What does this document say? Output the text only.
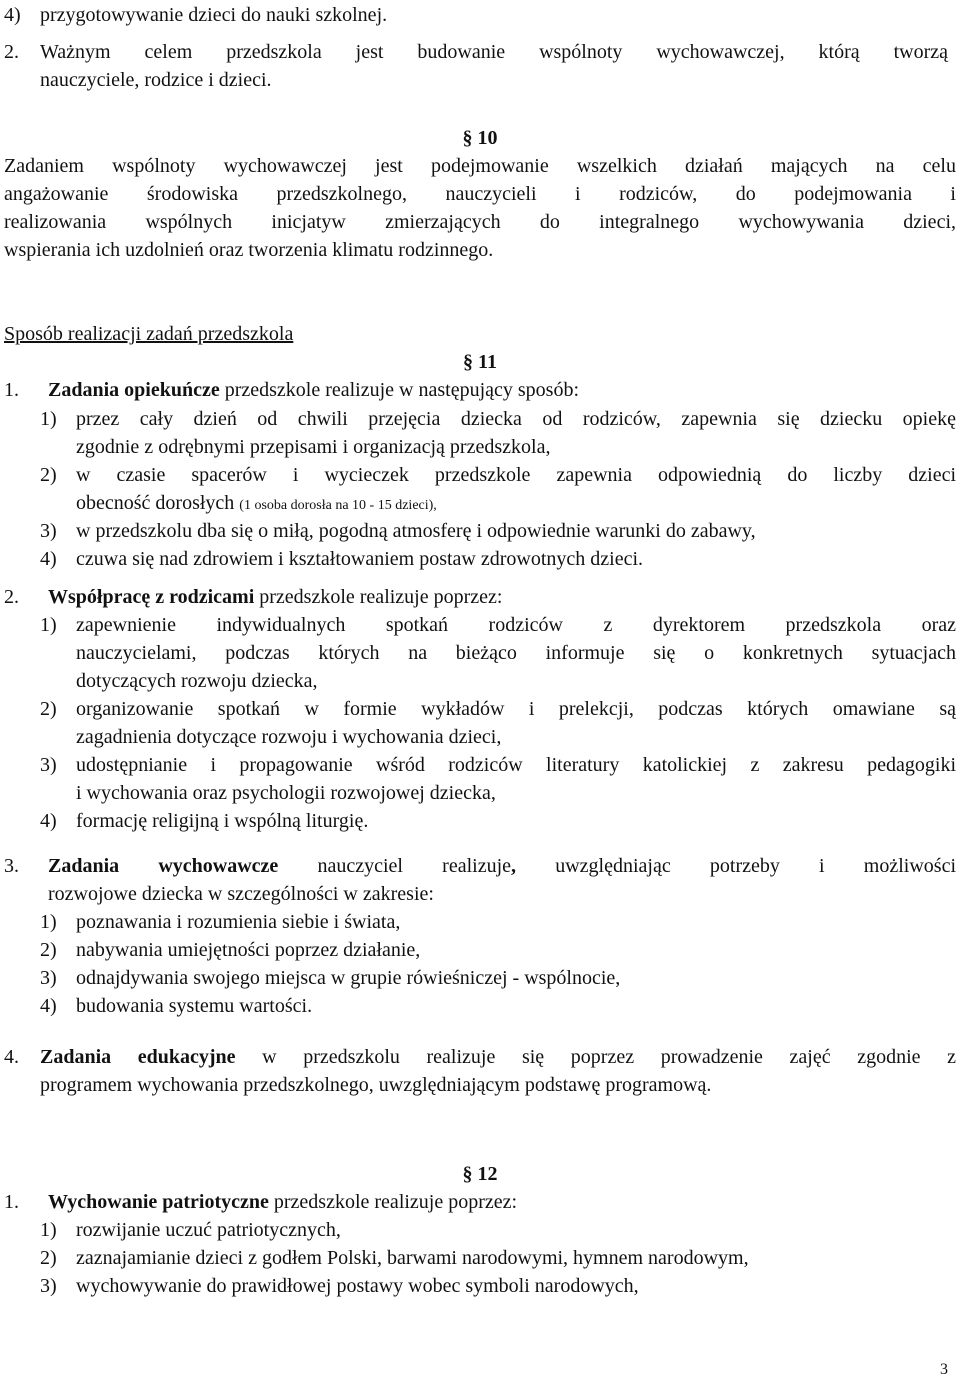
4) przygotowywanie dzieci do nauki szkolnej.
2. Ważnym celem przedszkola jest budowanie wspólnoty wychowawczej, którą tworzą
nauczyciele, rodzice i dzieci.
§ 10
Zadaniem wspólnoty wychowawczej jest podejmowanie wszelkich działań mających na celu
angażowanie środowiska przedszkolnego, nauczycieli i rodziców, do podejmowania i
realizowania wspólnych inicjatyw zmierzających do integralnego wychowywania dzieci,
wspierania ich uzdolnień oraz tworzenia klimatu rodzinnego.
Sposób realizacji zadań przedszkola
§ 11
1. Zadania opiekuńcze przedszkole realizuje w następujący sposób:
1) przez cały dzień od chwili przejęcia dziecka od rodziców, zapewnia się dziecku opiekę
zgodnie z odrębnymi przepisami i organizacją przedszkola,
2) w czasie spacerów i wycieczek przedszkole zapewnia odpowiednią do liczby dzieci
obecność dorosłych (1 osoba dorosła na 10 - 15 dzieci),
3) w przedszkolu dba się o miłą, pogodną atmosferę i odpowiednie warunki do zabawy,
4) czuwa się nad zdrowiem i kształtowaniem postaw zdrowotnych dzieci.
2. Współpracę z rodzicami przedszkole realizuje poprzez:
1) zapewnienie indywidualnych spotkań rodziców z dyrektorem przedszkola oraz
nauczycielami, podczas których na bieżąco informuje się o konkretnych sytuacjach
dotyczących rozwoju dziecka,
2) organizowanie spotkań w formie wykładów i prelekcji, podczas których omawiane są
zagadnienia dotyczące rozwoju i wychowania dzieci,
3) udostępnianie i propagowanie wśród rodziców literatury katolickiej z zakresu pedagogiki
i wychowania oraz psychologii rozwojowej dziecka,
4) formację religijną i wspólną liturgię.
3. Zadania wychowawcze nauczyciel realizuje, uwzględniając potrzeby i możliwości
rozwojowe dziecka w szczególności w zakresie:
1) poznawania i rozumienia siebie i świata,
2) nabywania umiejętności poprzez działanie,
3) odnajdywania swojego miejsca w grupie rówieśniczej - wspólnocie,
4) budowania systemu wartości.
4. Zadania edukacyjne w przedszkolu realizuje się poprzez prowadzenie zajęć zgodnie z
programem wychowania przedszkolnego, uwzględniającym podstawę programową.
§ 12
1. Wychowanie patriotyczne przedszkole realizuje poprzez:
1) rozwijanie uczuć patriotycznych,
2) zaznajamianie dzieci z godłem Polski, barwami narodowymi, hymnem narodowym,
3) wychowywanie do prawidłowej postawy wobec symboli narodowych,
3
